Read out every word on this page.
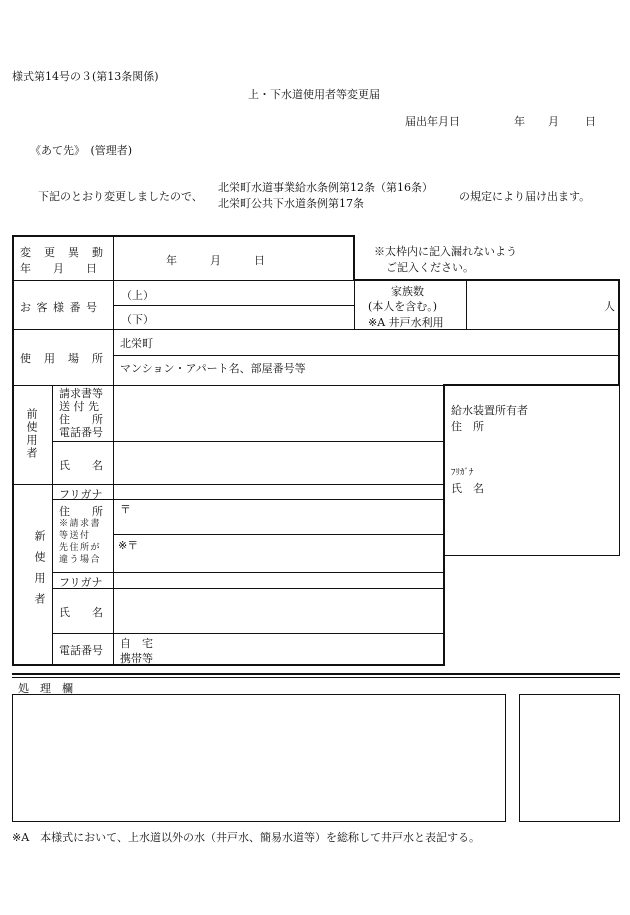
様式第14号の３(第13条関係)
上・下水道使用者等変更届
届出年月日	年 月 日
《あて先》　(管理者)
下記のとおり変更しましたので、
北栄町水道事業給水条例第12条（第16条）
北栄町公共下水道条例第17条
の規定により届け出ます。
変　更　異　動
年　　月　　日
年　　　月　　　日
※太枠内に記入漏れないよう
ご記入ください。
お 客 様 番 号
（上）
（下）
家族数
(本人を含む。)
※A 井戸水利用
人
使　用　場　所
北栄町
マンション・アパート名、部屋番号等
前使用者
請求書等
送 付 先
住　　所
電話番号
氏　　名
給水装置所有者
住　所
ﾌﾘｶﾞﾅ
氏　名
新使用者
フリガナ
住　　所
※請求書
等送付
先住所が
違う場合
〒
※〒
フリガナ
氏　　名
電話番号
自　宅
携帯等
処　理　欄
※A　本様式において、上水道以外の水（井戸水、簡易水道等）を総称して井戸水と表記する。
